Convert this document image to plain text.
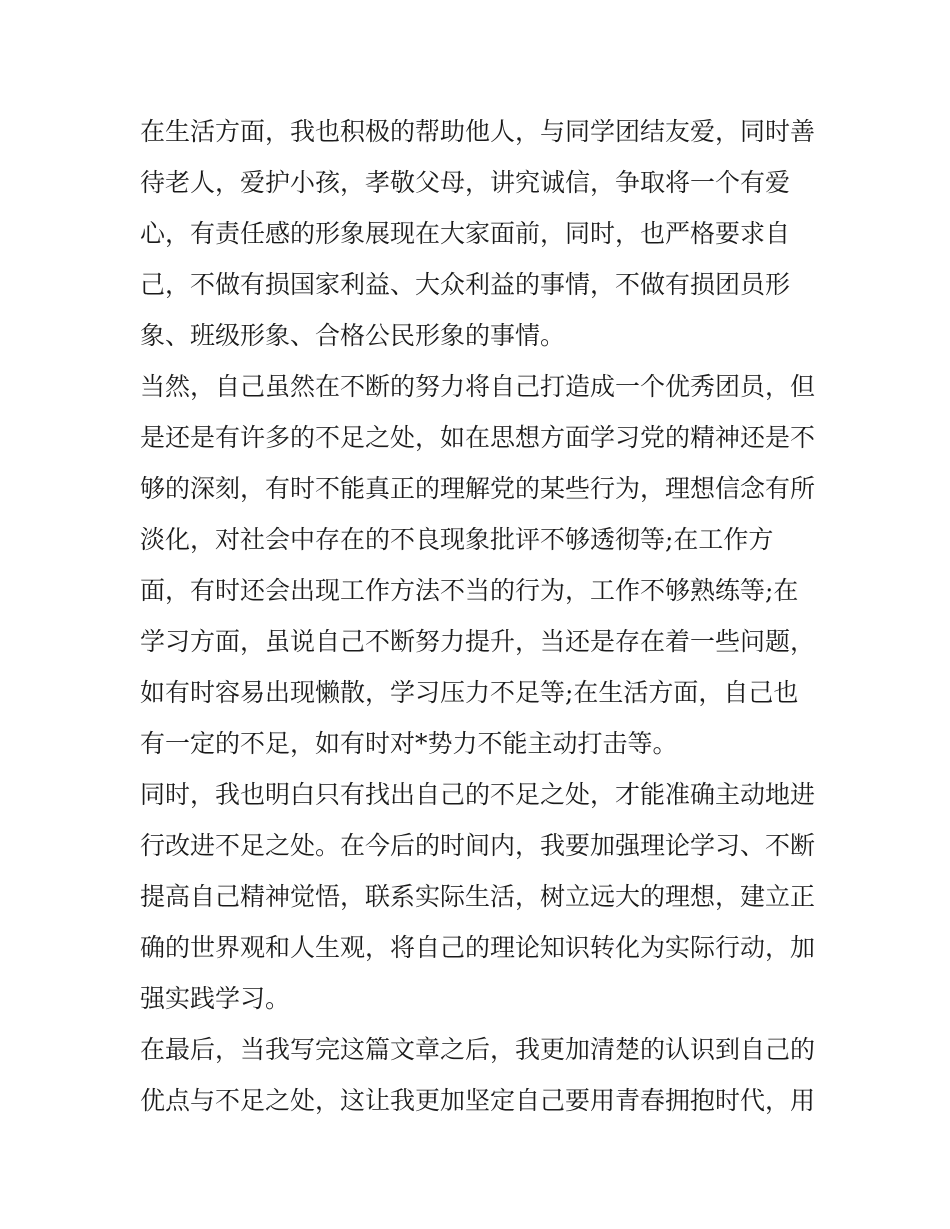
在生活方面，我也积极的帮助他人，与同学团结友爱，同时善
待老人，爱护小孩，孝敬父母，讲究诚信，争取将一个有爱
心，有责任感的形象展现在大家面前，同时，也严格要求自
己，不做有损国家利益、大众利益的事情，不做有损团员形
象、班级形象、合格公民形象的事情。
当然，自己虽然在不断的努力将自己打造成一个优秀团员，但
是还是有许多的不足之处，如在思想方面学习党的精神还是不
够的深刻，有时不能真正的理解党的某些行为，理想信念有所
淡化，对社会中存在的不良现象批评不够透彻等;在工作方
面，有时还会出现工作方法不当的行为，工作不够熟练等;在
学习方面，虽说自己不断努力提升，当还是存在着一些问题，
如有时容易出现懒散，学习压力不足等;在生活方面，自己也
有一定的不足，如有时对*势力不能主动打击等。
同时，我也明白只有找出自己的不足之处，才能准确主动地进
行改进不足之处。在今后的时间内，我要加强理论学习、不断
提高自己精神觉悟，联系实际生活，树立远大的理想，建立正
确的世界观和人生观，将自己的理论知识转化为实际行动，加
强实践学习。
在最后，当我写完这篇文章之后，我更加清楚的认识到自己的
优点与不足之处，这让我更加坚定自己要用青春拥抱时代，用
